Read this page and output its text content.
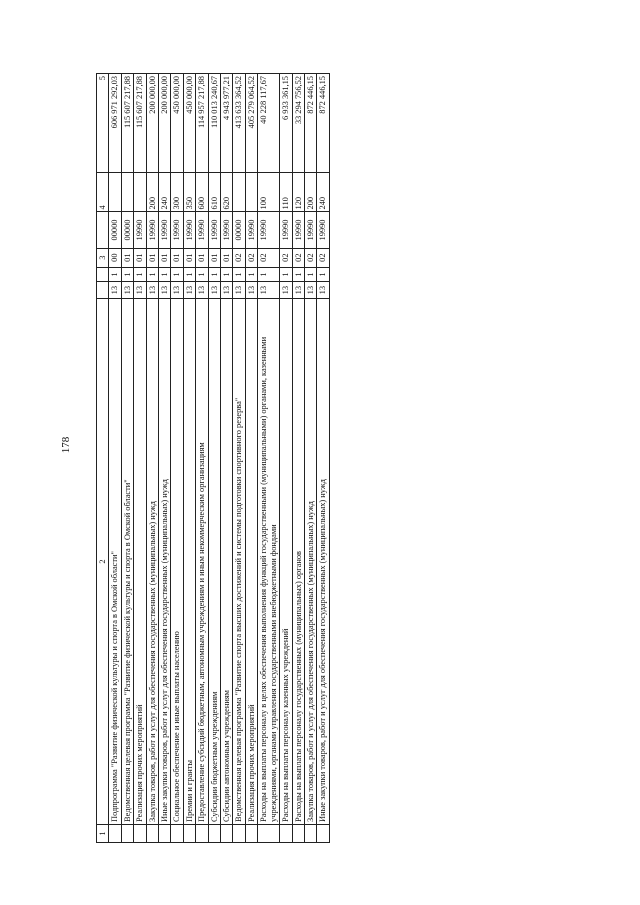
178
1	2			3		4	5
	Подпрограмма "Развитие физической культуры и спорта в Омской области"	13	1	00	00000		606 971 292,03
	Ведомственная целевая программа "Развитие физической культуры и спорта в Омской области"	13	1	01	00000		115 607 217,88
	Реализация прочих мероприятий	13	1	01	19990		115 607 217,88
	Закупка товаров, работ и услуг для обеспечения государственных (муниципальных) нужд	13	1	01	19990	200	200 000,00
	Иные закупки товаров, работ и услуг для обеспечения государственных (муниципальных) нужд	13	1	01	19990	240	200 000,00
	Социальное обеспечение и иные выплаты населению	13	1	01	19990	300	450 000,00
	Премии и гранты	13	1	01	19990	350	450 000,00
	Предоставление субсидий бюджетным, автономным учреждениям и иным некоммерческим организациям	13	1	01	19990	600	114 957 217,88
	Субсидии бюджетным учреждениям	13	1	01	19990	610	110 013 240,67
	Субсидии автономным учреждениям	13	1	01	19990	620	4 943 977,21
	Ведомственная целевая программа "Развитие спорта высших достижений и системы подготовки спортивного резерва"	13	1	02	00000		413 633 364,52
	Реализация прочих мероприятий	13	1	02	19990		405 279 064,52
	Расходы на выплаты персоналу в целях обеспечения выполнения функций государственными (муниципальными) органами, казенными учреждениями, органами управления государственными внебюджетными фондами	13	1	02	19990	100	40 228 117,67
	Расходы на выплаты персоналу казенных учреждений	13	1	02	19990	110	6 933 361,15
	Расходы на выплаты персоналу государственных (муниципальных) органов	13	1	02	19990	120	33 294 756,52
	Закупка товаров, работ и услуг для обеспечения государственных (муниципальных) нужд	13	1	02	19990	200	872 446,15
	Иные закупки товаров, работ и услуг для обеспечения государственных (муниципальных) нужд	13	1	02	19990	240	872 446,15
